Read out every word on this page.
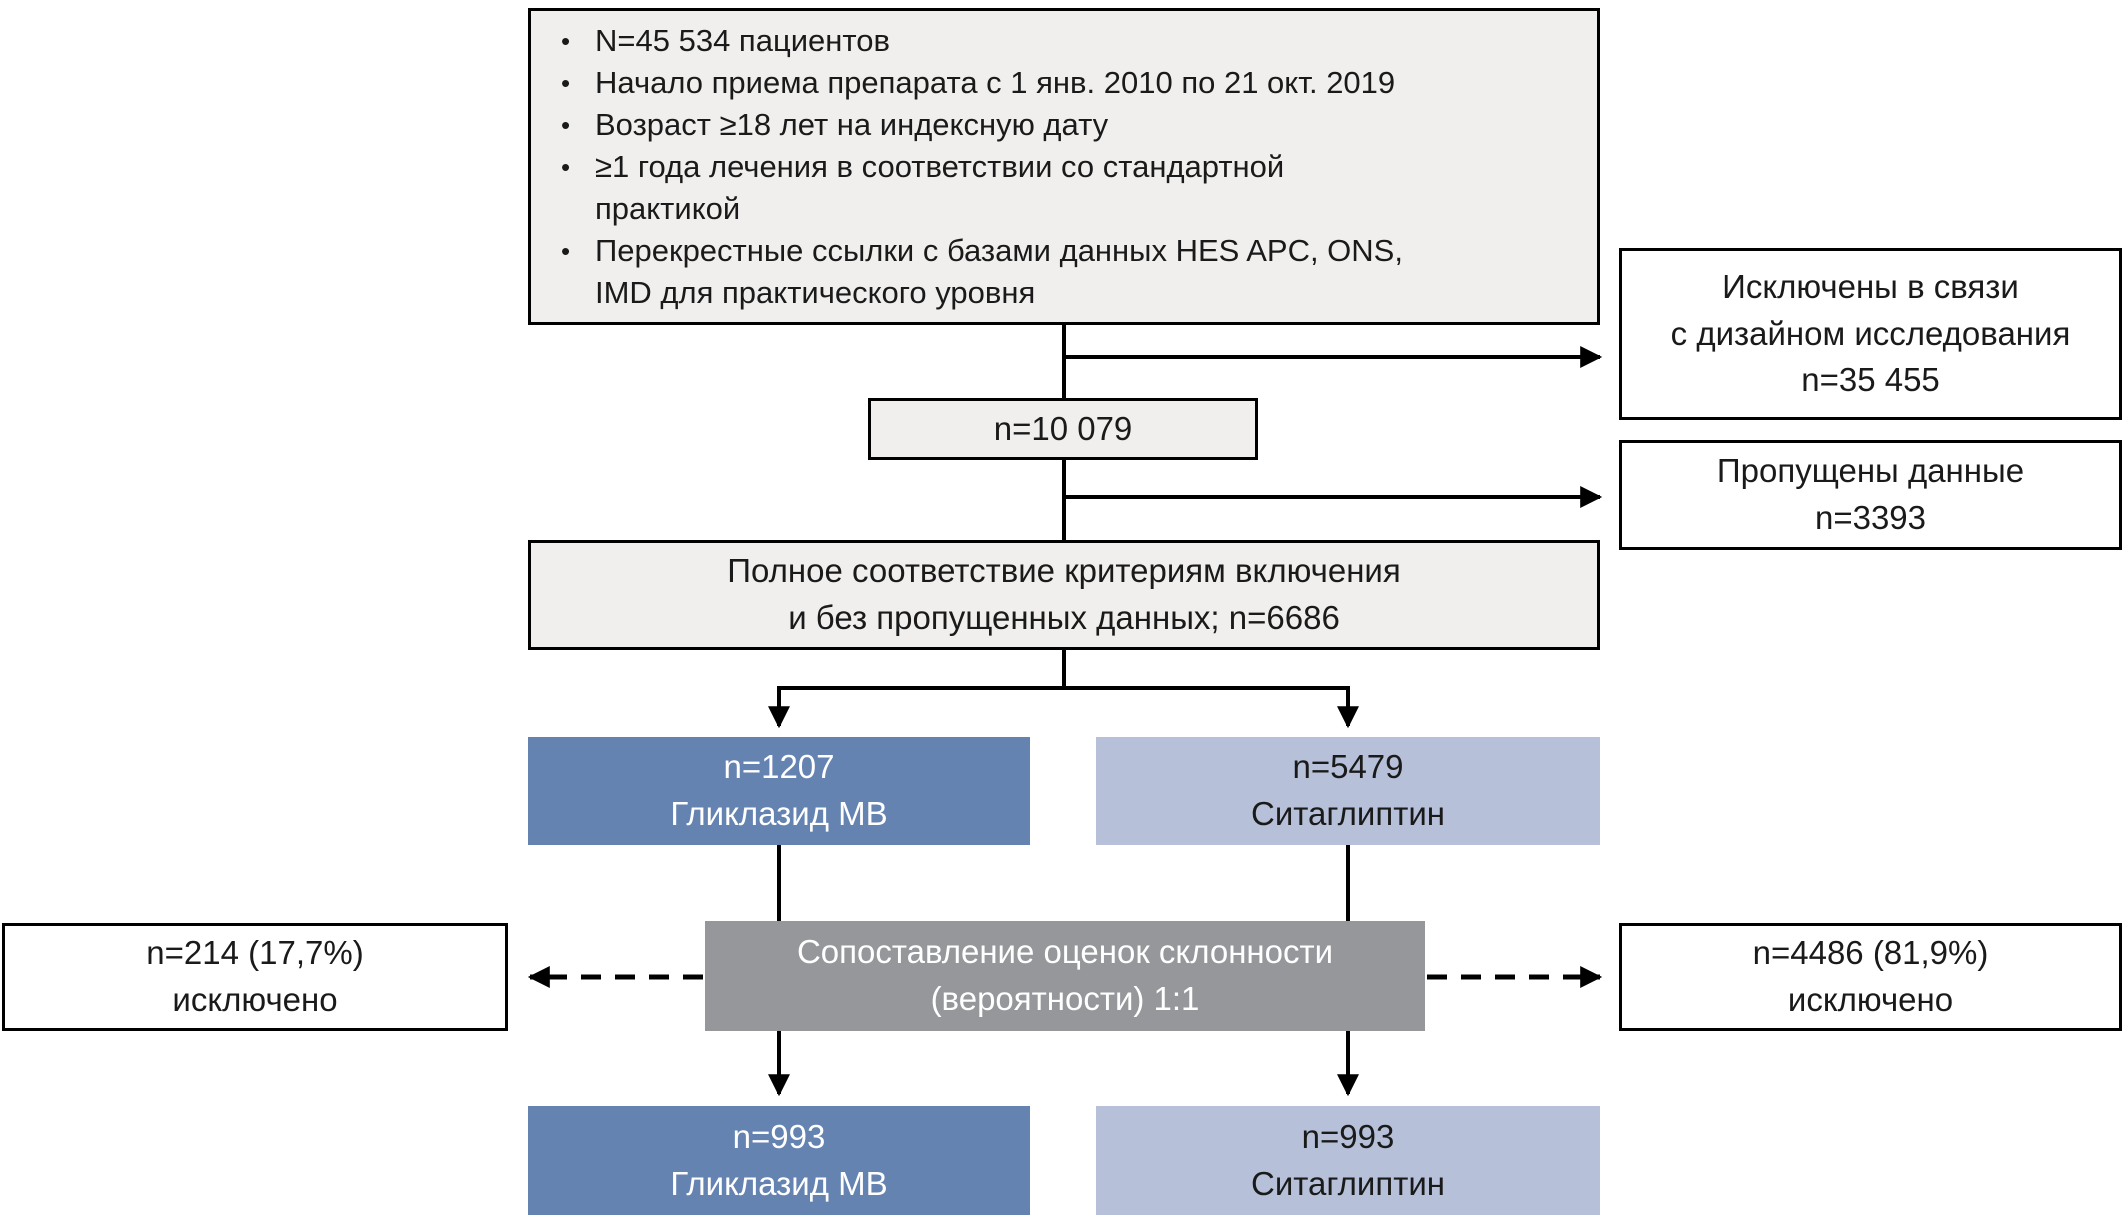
• N=45 534 пациентов
• Начало приема препарата с 1 янв. 2010 по 21 окт. 2019
• Возраст ≥18 лет на индексную дату
• ≥1 года лечения в соответствии со стандартной
практикой
• Перекрестные ссылки с базами данных HES APC, ONS,
IMD для практического уровня	Исключены в связи
с дизайном исследования
n=35 455
n=10 079
Пропущены данные
n=3393
Полное соответствие критериям включения
и без пропущенных данных; n=6686
n=1207
Гликлазид МВ
n=5479
Ситаглиптин
Сопоставление оценок склонности
(вероятности) 1:1
n=214 (17,7%)
исключено
n=4486 (81,9%)
исключено
n=993
Гликлазид МВ
n=993
Ситаглиптин
